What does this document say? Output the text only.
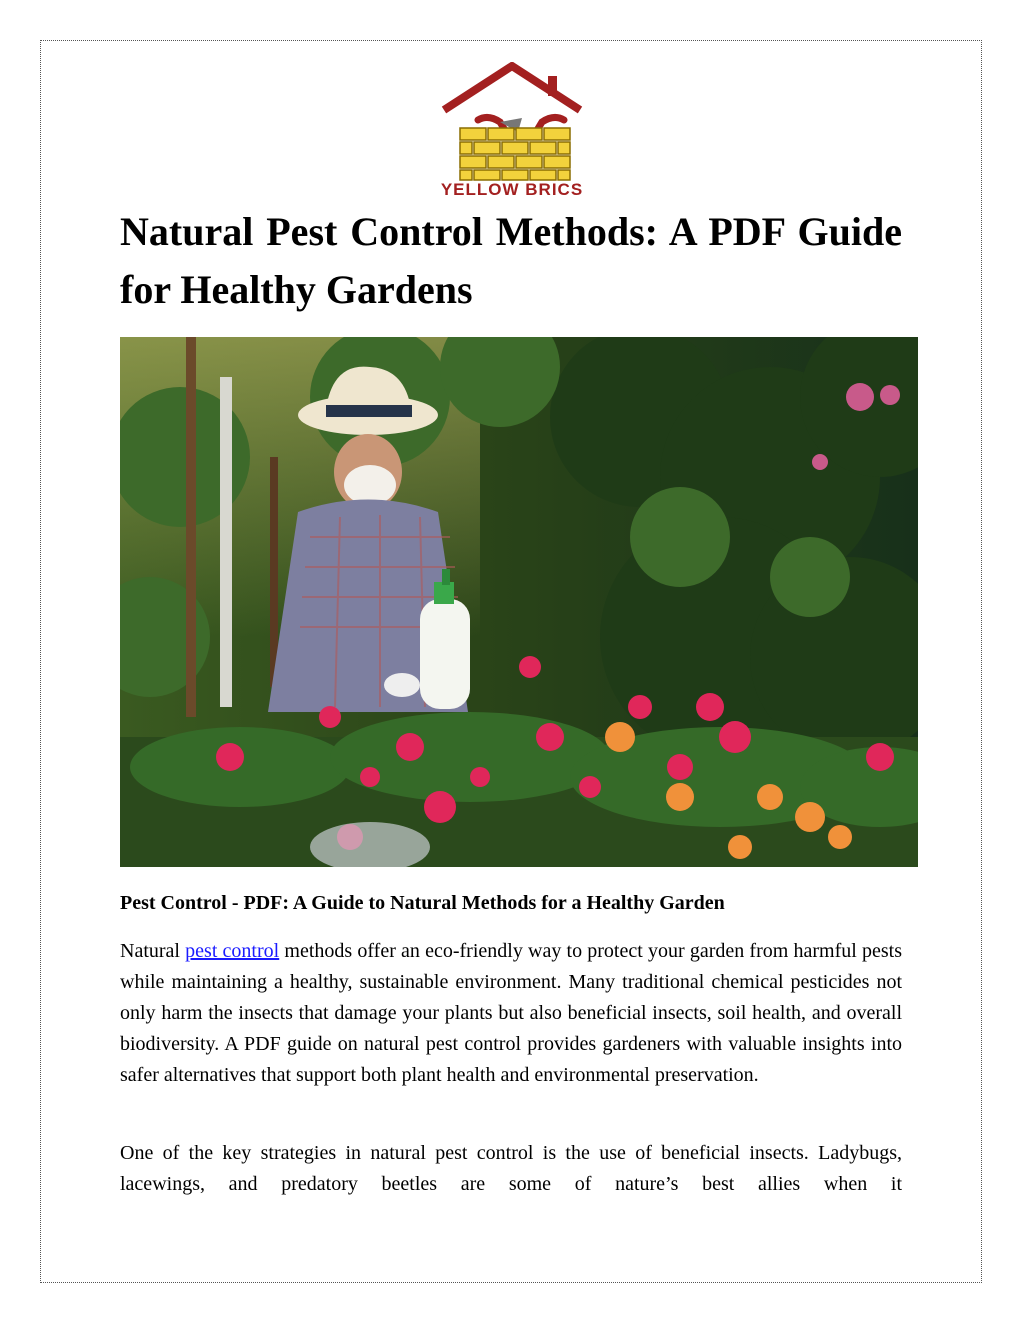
YELLOW BRICS
Natural Pest Control Methods: A PDF Guide for Healthy Gardens
Pest Control - PDF: A Guide to Natural Methods for a Healthy Garden

Natural pest control methods offer an eco-friendly way to protect your garden from harmful pests while maintaining a healthy, sustainable environment. Many traditional chemical pesticides not only harm the insects that damage your plants but also beneficial insects, soil health, and overall biodiversity. A PDF guide on natural pest control provides gardeners with valuable insights into safer alternatives that support both plant health and environmental preservation.

One of the key strategies in natural pest control is the use of beneficial insects. Ladybugs, lacewings, and predatory beetles are some of nature’s best allies when it
